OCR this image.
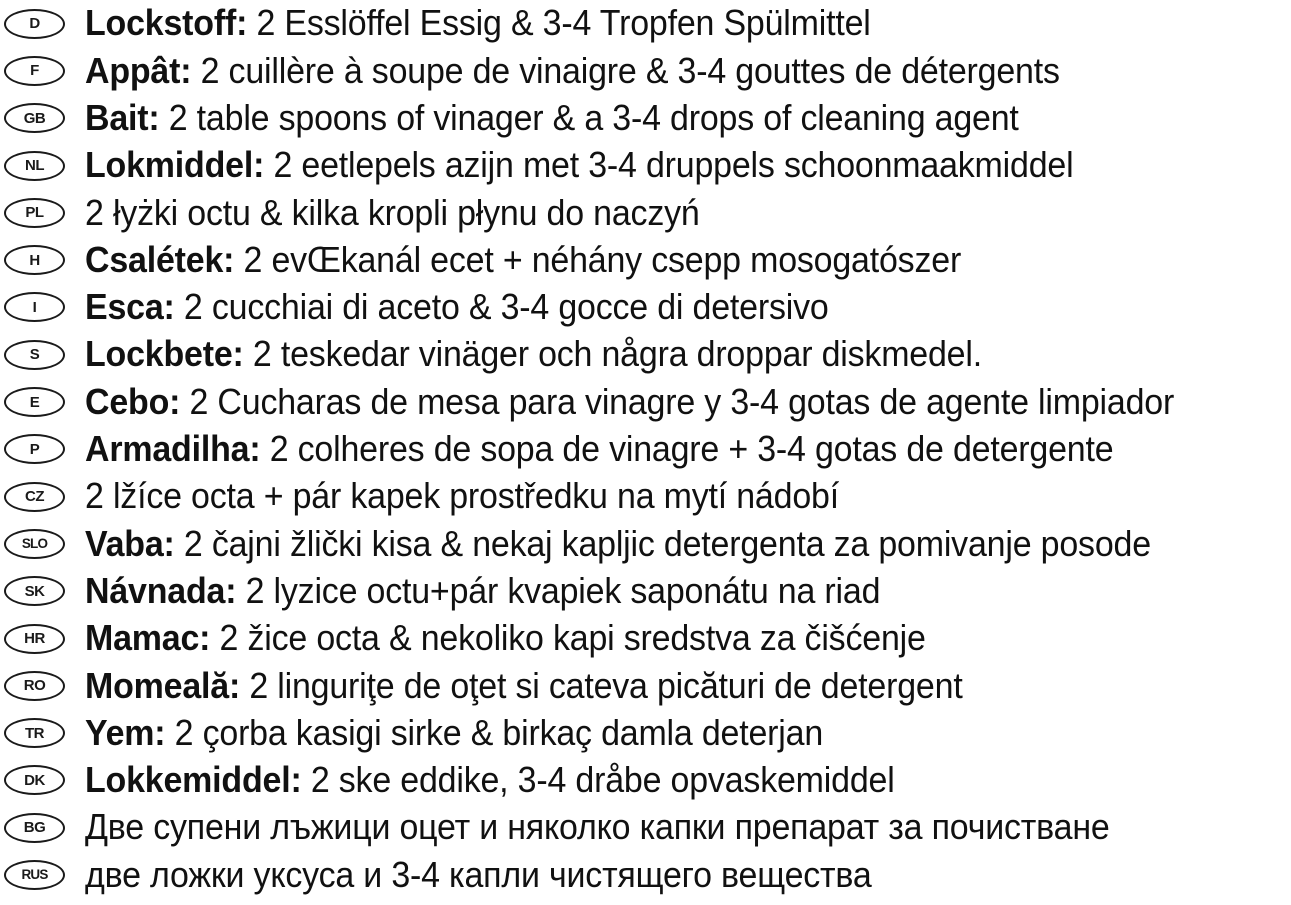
D	Lockstoff: 2 Esslöffel Essig & 3-4 Tropfen Spülmittel
F	Appât: 2 cuillère à soupe de vinaigre & 3-4 gouttes de détergents
GB	Bait: 2 table spoons of vinager & a 3-4 drops of cleaning agent
NL	Lokmiddel: 2 eetlepels azijn met 3-4 druppels schoonmaakmiddel
PL	2 łyżki octu & kilka kropli płynu do naczyń
H	Csalétek: 2 evŒkanál ecet + néhány csepp mosogatószer
I	Esca: 2 cucchiai di aceto & 3-4 gocce di detersivo
S	Lockbete: 2 teskedar vinäger och några droppar diskmedel.
E	Cebo: 2 Cucharas de mesa para vinagre y 3-4 gotas de agente limpiador
P	Armadilha: 2 colheres de sopa de vinagre + 3-4 gotas de detergente
CZ	2 lžíce octa + pár kapek prostředku na mytí nádobí
SLO	Vaba: 2 čajni žlički kisa & nekaj kapljic detergenta za pomivanje posode
SK	Návnada: 2 lyzice octu+pár kvapiek saponátu na riad
HR	Mamac: 2 žice octa & nekoliko kapi sredstva za čišćenje
RO	Momeală: 2 linguriţe de oţet si cateva picături de detergent
TR	Yem: 2 çorba kasigi sirke & birkaç damla deterjan
DK	Lokkemiddel: 2 ske eddike, 3-4 dråbe opvaskemiddel
BG	Две супени лъжици оцет и няколко капки препарат за почистване
RUS	две ложки уксуса и 3-4 капли чистящего вещества
